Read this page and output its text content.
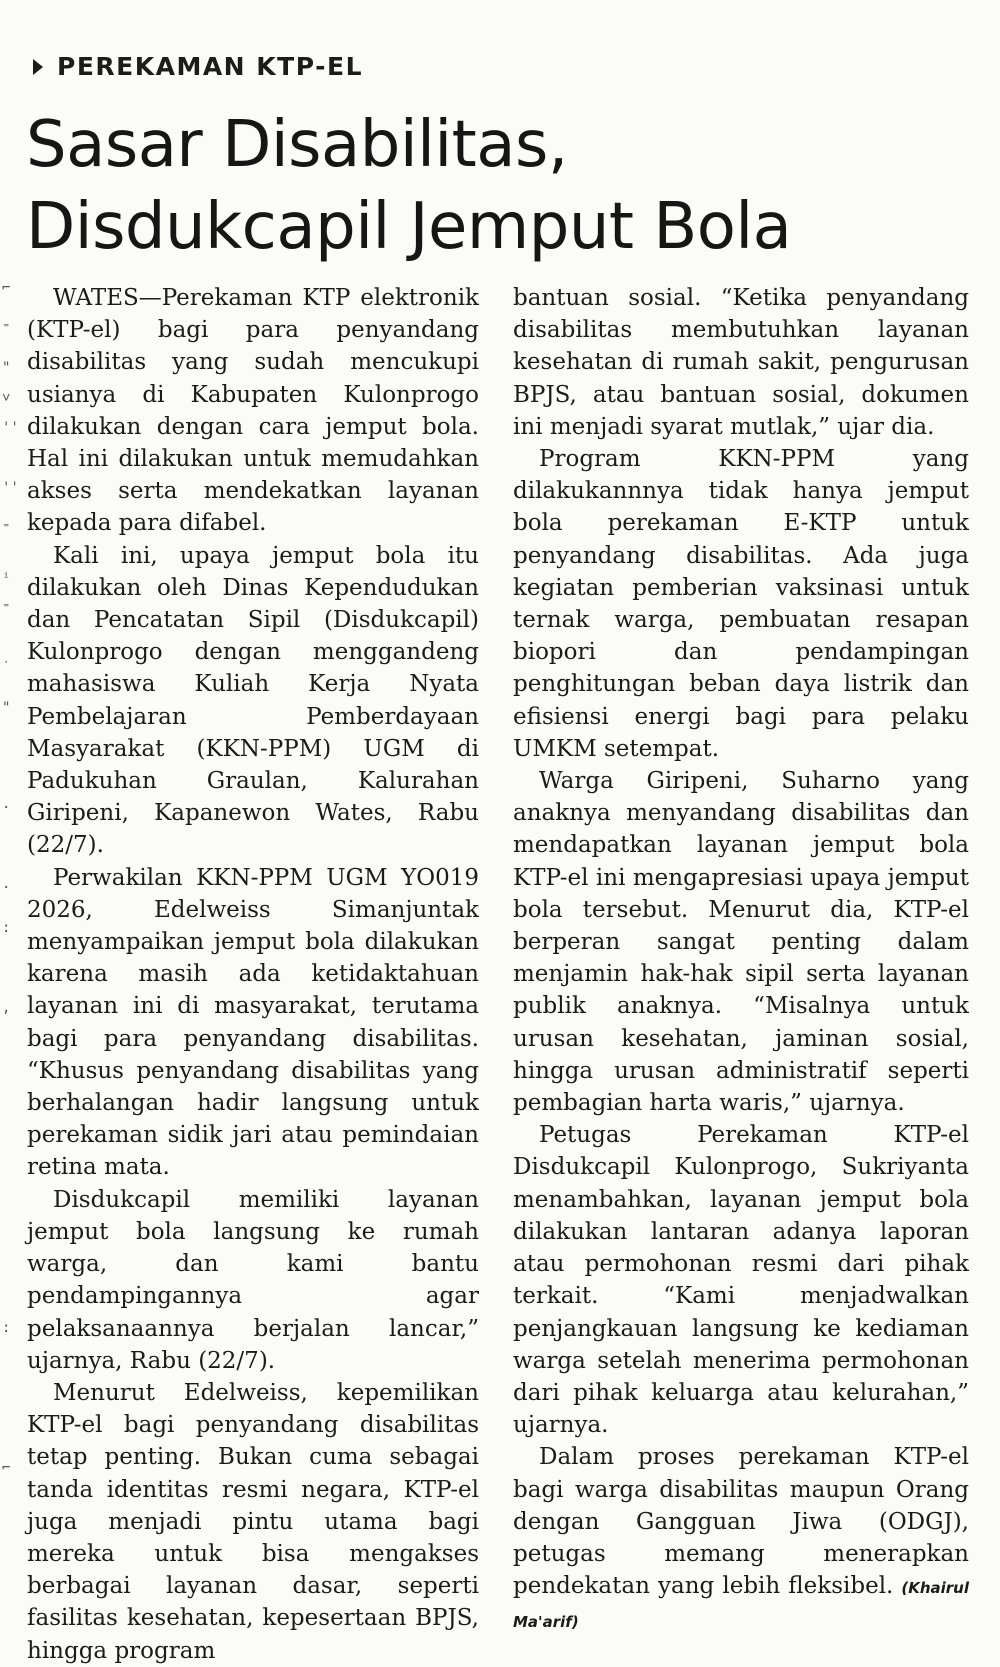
⌐
⁼
"
˅
''
''
⁼
ⁱ
⁼
˙
"
·
·
:
,
:
⌐
PEREKAMAN KTP-EL
Sasar Disabilitas,
Disdukcapil Jemput Bola

WATES—Perekaman KTP elektronik (KTP-el) bagi para penyandang disabilitas yang sudah mencukupi usianya di Kabupaten Kulonprogo dilakukan dengan cara jemput bola. Hal ini dilakukan untuk memudahkan akses serta mendekatkan layanan kepada para difabel.

Kali ini, upaya jemput bola itu dilakukan oleh Dinas Kependudukan dan Pencatatan Sipil (Disdukcapil) Kulonprogo dengan menggandeng mahasiswa Kuliah Kerja Nyata Pembelajaran Pemberdayaan Masyarakat (KKN-PPM) UGM di Padukuhan Graulan, Kalurahan Giripeni, Kapanewon Wates, Rabu (22/7).

Perwakilan KKN-PPM UGM YO019 2026, Edelweiss Simanjuntak menyampaikan jemput bola dilakukan karena masih ada ketidaktahuan layanan ini di masyarakat, terutama bagi para penyandang disabilitas. “Khusus penyandang disabilitas yang berhalangan hadir langsung untuk perekaman sidik jari atau pemindaian retina mata.

Disdukcapil memiliki layanan jemput bola langsung ke rumah warga, dan kami bantu pendampingannya agar pelaksanaannya berjalan lancar,” ujarnya, Rabu (22/7).

Menurut Edelweiss, kepemilikan KTP-el bagi penyandang disabilitas tetap penting. Bukan cuma sebagai tanda identitas resmi negara, KTP-el juga menjadi pintu utama bagi mereka untuk bisa mengakses berbagai layanan dasar, seperti fasilitas kesehatan, kepesertaan BPJS, hingga program

bantuan sosial. “Ketika penyandang disabilitas membutuhkan layanan kesehatan di rumah sakit, pengurusan BPJS, atau bantuan sosial, dokumen ini menjadi syarat mutlak,” ujar dia.

Program KKN-PPM yang dilakukannnya tidak hanya jemput bola perekaman E-KTP untuk penyandang disabilitas. Ada juga kegiatan pemberian vaksinasi untuk ternak warga, pembuatan resapan biopori dan pendampingan penghitungan beban daya listrik dan efisiensi energi bagi para pelaku UMKM setempat.

Warga Giripeni, Suharno yang anaknya menyandang disabilitas dan mendapatkan layanan jemput bola KTP-el ini mengapresiasi upaya jemput bola tersebut. Menurut dia, KTP-el berperan sangat penting dalam menjamin hak-hak sipil serta layanan publik anaknya. “Misalnya untuk urusan kesehatan, jaminan sosial, hingga urusan administratif seperti pembagian harta waris,” ujarnya.

Petugas Perekaman KTP-el Disdukcapil Kulonprogo, Sukriyanta menambahkan, layanan jemput bola dilakukan lantaran adanya laporan atau permohonan resmi dari pihak terkait. “Kami menjadwalkan penjangkauan langsung ke kediaman warga setelah menerima permohonan dari pihak keluarga atau kelurahan,” ujarnya.

Dalam proses perekaman KTP-el bagi warga disabilitas maupun Orang dengan Gangguan Jiwa (ODGJ), petugas memang menerapkan pendekatan yang lebih fleksibel. (Khairul Ma'arif)
